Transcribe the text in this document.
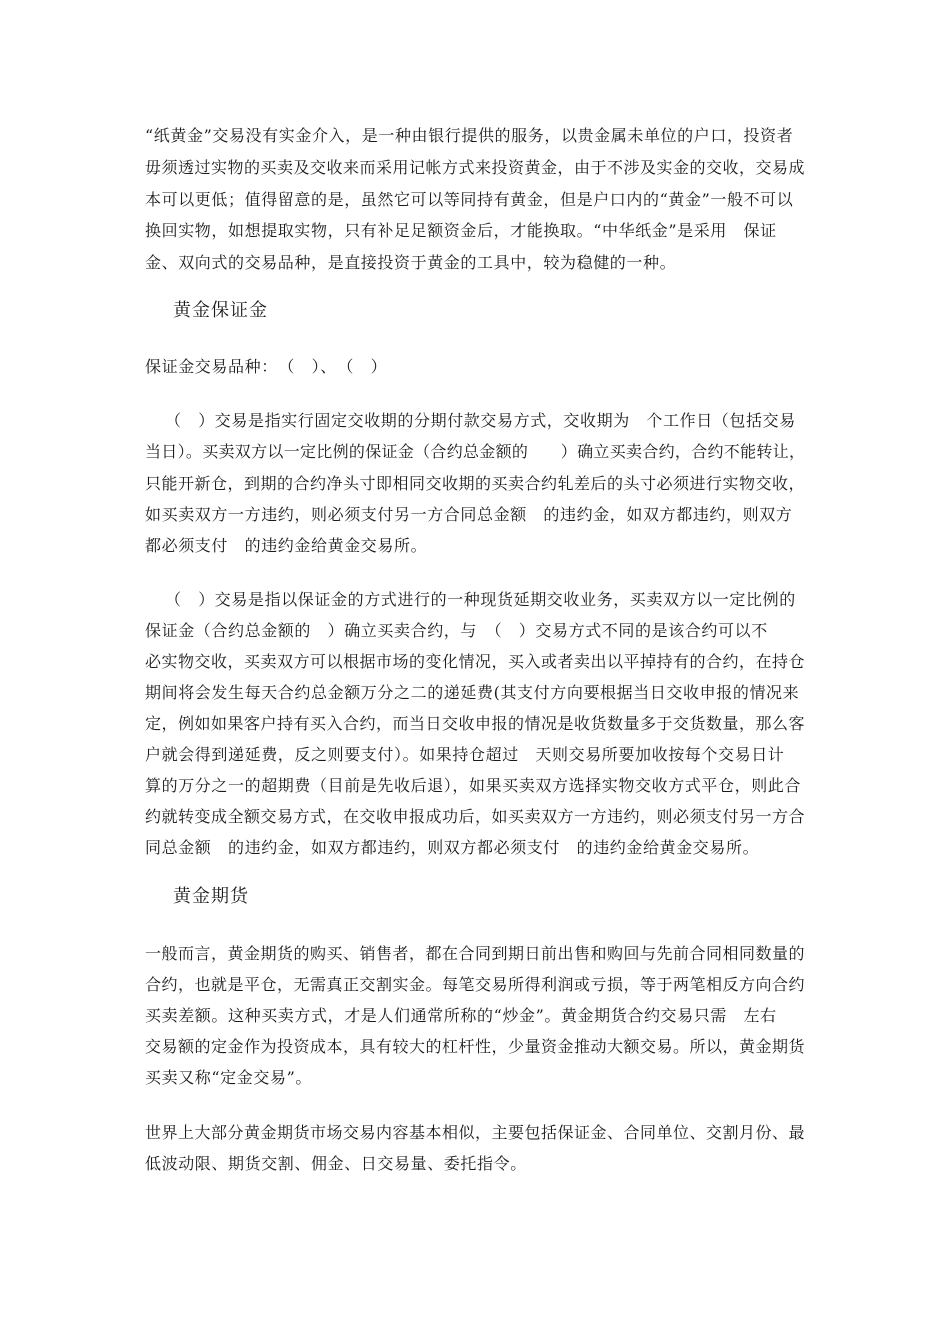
“纸黄金”交易没有实金介入，是一种由银行提供的服务，以贵金属未单位的户口，投资者
毋须透过实物的买卖及交收来而采用记帐方式来投资黄金，由于不涉及实金的交收，交易成
本可以更低；值得留意的是，虽然它可以等同持有黄金，但是户口内的“黄金”一般不可以
换回实物，如想提取实物，只有补足足额资金后，才能换取。“中华纸金”是采用　保证
金、双向式的交易品种，是直接投资于黄金的工具中，较为稳健的一种。
黄金保证金
保证金交易品种：　（　）、　（　）
（　）交易是指实行固定交收期的分期付款交易方式，交收期为　个工作日（包括交易
当日）。买卖双方以一定比例的保证金（合约总金额的　　）确立买卖合约，合约不能转让，
只能开新仓，到期的合约净头寸即相同交收期的买卖合约轧差后的头寸必须进行实物交收，
如买卖双方一方违约，则必须支付另一方合同总金额　的违约金，如双方都违约，则双方
都必须支付　的违约金给黄金交易所。
（　）交易是指以保证金的方式进行的一种现货延期交收业务，买卖双方以一定比例的
保证金（合约总金额的　）确立买卖合约，与　（　）交易方式不同的是该合约可以不
必实物交收，买卖双方可以根据市场的变化情况，买入或者卖出以平掉持有的合约，在持仓
期间将会发生每天合约总金额万分之二的递延费(其支付方向要根据当日交收申报的情况来
定，例如如果客户持有买入合约，而当日交收申报的情况是收货数量多于交货数量，那么客
户就会得到递延费，反之则要支付）。如果持仓超过　天则交易所要加收按每个交易日计
算的万分之一的超期费（目前是先收后退），如果买卖双方选择实物交收方式平仓，则此合
约就转变成全额交易方式，在交收申报成功后，如买卖双方一方违约，则必须支付另一方合
同总金额　的违约金，如双方都违约，则双方都必须支付　的违约金给黄金交易所。
黄金期货
一般而言，黄金期货的购买、销售者，都在合同到期日前出售和购回与先前合同相同数量的
合约，也就是平仓，无需真正交割实金。每笔交易所得利润或亏损，等于两笔相反方向合约
买卖差额。这种买卖方式，才是人们通常所称的“炒金”。黄金期货合约交易只需　左右
交易额的定金作为投资成本，具有较大的杠杆性，少量资金推动大额交易。所以，黄金期货
买卖又称“定金交易”。
世界上大部分黄金期货市场交易内容基本相似，主要包括保证金、合同单位、交割月份、最
低波动限、期货交割、佣金、日交易量、委托指令。
